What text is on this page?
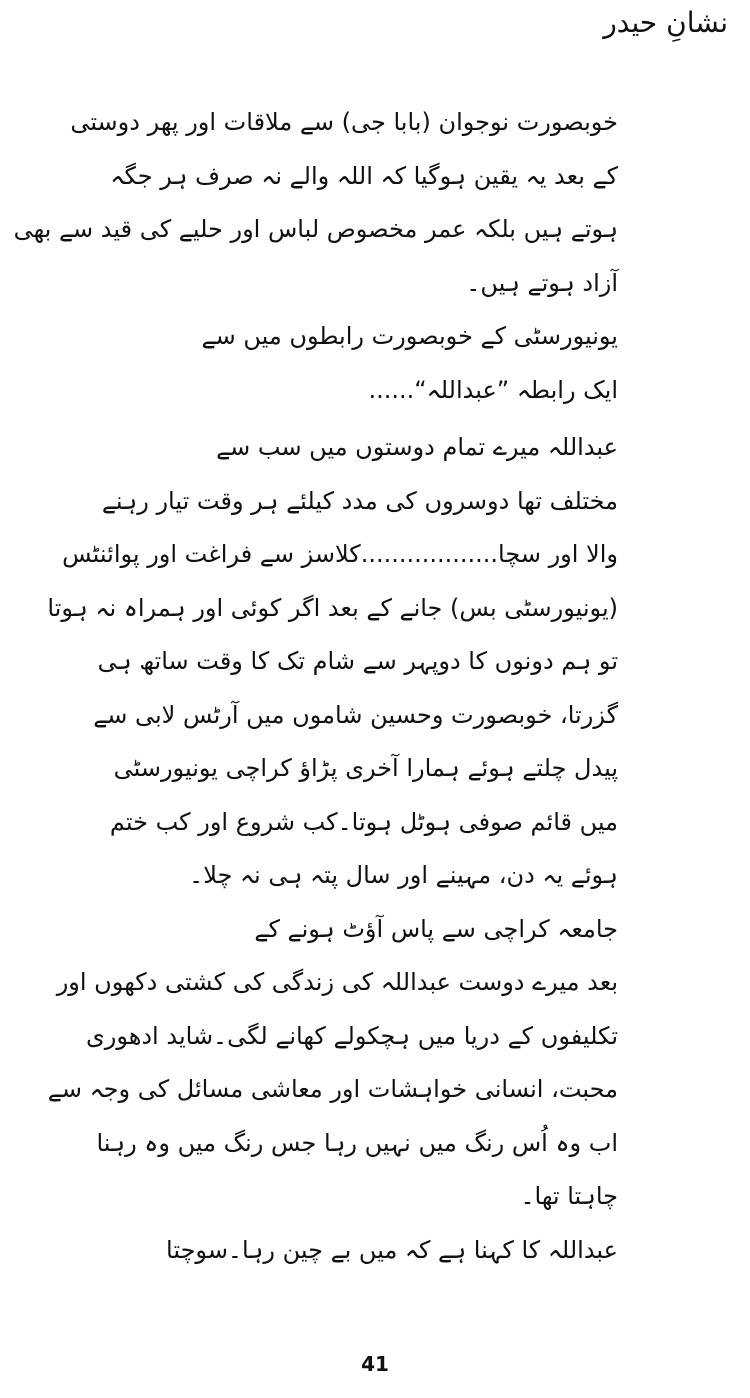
نشانِ حیدر
خوبصورت نوجوان (بابا جی) سے ملاقات اور پھر دوستی
کے بعد یہ یقین ہوگیا کہ اللہ والے نہ صرف ہر جگہ
ہوتے ہیں بلکہ عمر مخصوص لباس اور حلیے کی قید سے بھی
آزاد ہوتے ہیں۔
یونیورسٹی کے خوبصورت رابطوں میں سے
ایک رابطہ ”عبداللہ“......
عبداللہ میرے تمام دوستوں میں سب سے
مختلف تھا دوسروں کی مدد کیلئے ہر وقت تیار رہنے
والا اور سچا..................کلاسز سے فراغت اور پوائنٹس
(یونیورسٹی بس) جانے کے بعد اگر کوئی اور ہمراہ نہ ہوتا
تو ہم دونوں کا دوپہر سے شام تک کا وقت ساتھ ہی
گزرتا، خوبصورت وحسین شاموں میں آرٹس لابی سے
پیدل چلتے ہوئے ہمارا آخری پڑاؤ کراچی یونیورسٹی
میں قائم صوفی ہوٹل ہوتا۔کب شروع اور کب ختم
ہوئے یہ دن، مہینے اور سال پتہ ہی نہ چلا۔
جامعہ کراچی سے پاس آؤٹ ہونے کے
بعد میرے دوست عبداللہ کی زندگی کی کشتی دکھوں اور
تکلیفوں کے دریا میں ہچکولے کھانے لگی۔شاید ادھوری
محبت، انسانی خواہشات اور معاشی مسائل کی وجہ سے
اب وہ اُس رنگ میں نہیں رہا جس رنگ میں وہ رہنا
چاہتا تھا۔
عبداللہ کا کہنا ہے کہ میں بے چین رہا۔سوچتا
41
